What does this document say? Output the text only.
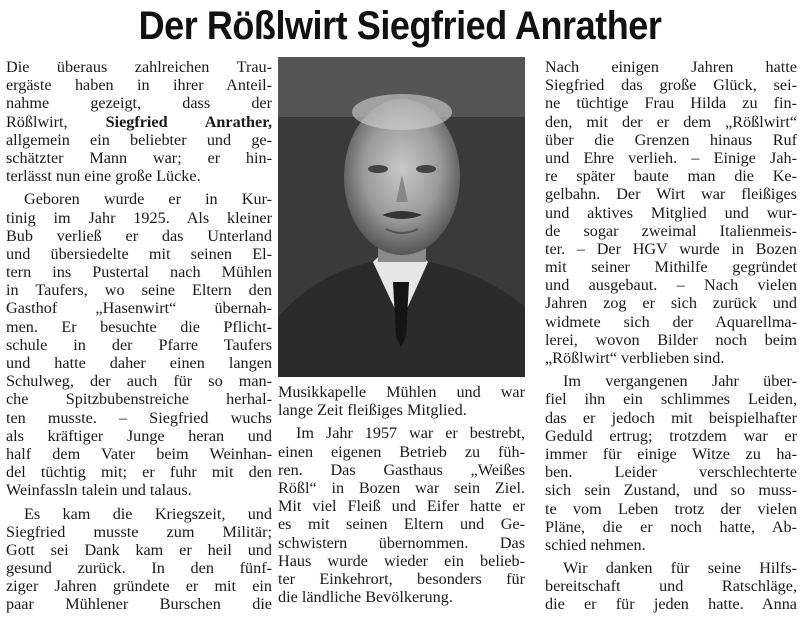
Der Rößlwirt Siegfried Anrather
Die überaus zahlreichen Trau-
ergäste haben in ihrer Anteil-
nahme gezeigt, dass der
Rößlwirt, Siegfried Anrather,
allgemein ein beliebter und ge-
schätzter Mann war; er hin-
terlässt nun eine große Lücke.
Geboren wurde er in Kur-
tinig im Jahr 1925. Als kleiner
Bub verließ er das Unterland
und übersiedelte mit seinen El-
tern ins Pustertal nach Mühlen
in Taufers, wo seine Eltern den
Gasthof „Hasenwirt“ übernah-
men. Er besuchte die Pflicht-
schule in der Pfarre Taufers
und hatte daher einen langen
Schulweg, der auch für so man-
che Spitzbubenstreiche herhal-
ten musste. – Siegfried wuchs
als kräftiger Junge heran und
half dem Vater beim Weinhan-
del tüchtig mit; er fuhr mit den
Weinfassln talein und talaus.
Es kam die Kriegszeit, und
Siegfried musste zum Militär;
Gott sei Dank kam er heil und
gesund zurück. In den fünf-
ziger Jahren gründete er mit ein
paar Mühlener Burschen die
Musikkapelle Mühlen und war
lange Zeit fleißiges Mitglied.
Im Jahr 1957 war er bestrebt,
einen eigenen Betrieb zu füh-
ren. Das Gasthaus „Weißes
Rößl“ in Bozen war sein Ziel.
Mit viel Fleiß und Eifer hatte er
es mit seinen Eltern und Ge-
schwistern übernommen. Das
Haus wurde wieder ein belieb-
ter Einkehrort, besonders für
die ländliche Bevölkerung.
Nach einigen Jahren hatte
Siegfried das große Glück, sei-
ne tüchtige Frau Hilda zu fin-
den, mit der er dem „Rößlwirt“
über die Grenzen hinaus Ruf
und Ehre verlieh. – Einige Jah-
re später baute man die Ke-
gelbahn. Der Wirt war fleißiges
und aktives Mitglied und wur-
de sogar zweimal Italienmeis-
ter. – Der HGV wurde in Bozen
mit seiner Mithilfe gegründet
und ausgebaut. – Nach vielen
Jahren zog er sich zurück und
widmete sich der Aquarellma-
lerei, wovon Bilder noch beim
„Rößlwirt“ verblieben sind.
Im vergangenen Jahr über-
fiel ihn ein schlimmes Leiden,
das er jedoch mit beispielhafter
Geduld ertrug; trotzdem war er
immer für einige Witze zu ha-
ben. Leider verschlechterte
sich sein Zustand, und so muss-
te vom Leben trotz der vielen
Pläne, die er noch hatte, Ab-
schied nehmen.
Wir danken für seine Hilfs-
bereitschaft und Ratschläge,
die er für jeden hatte. Anna
